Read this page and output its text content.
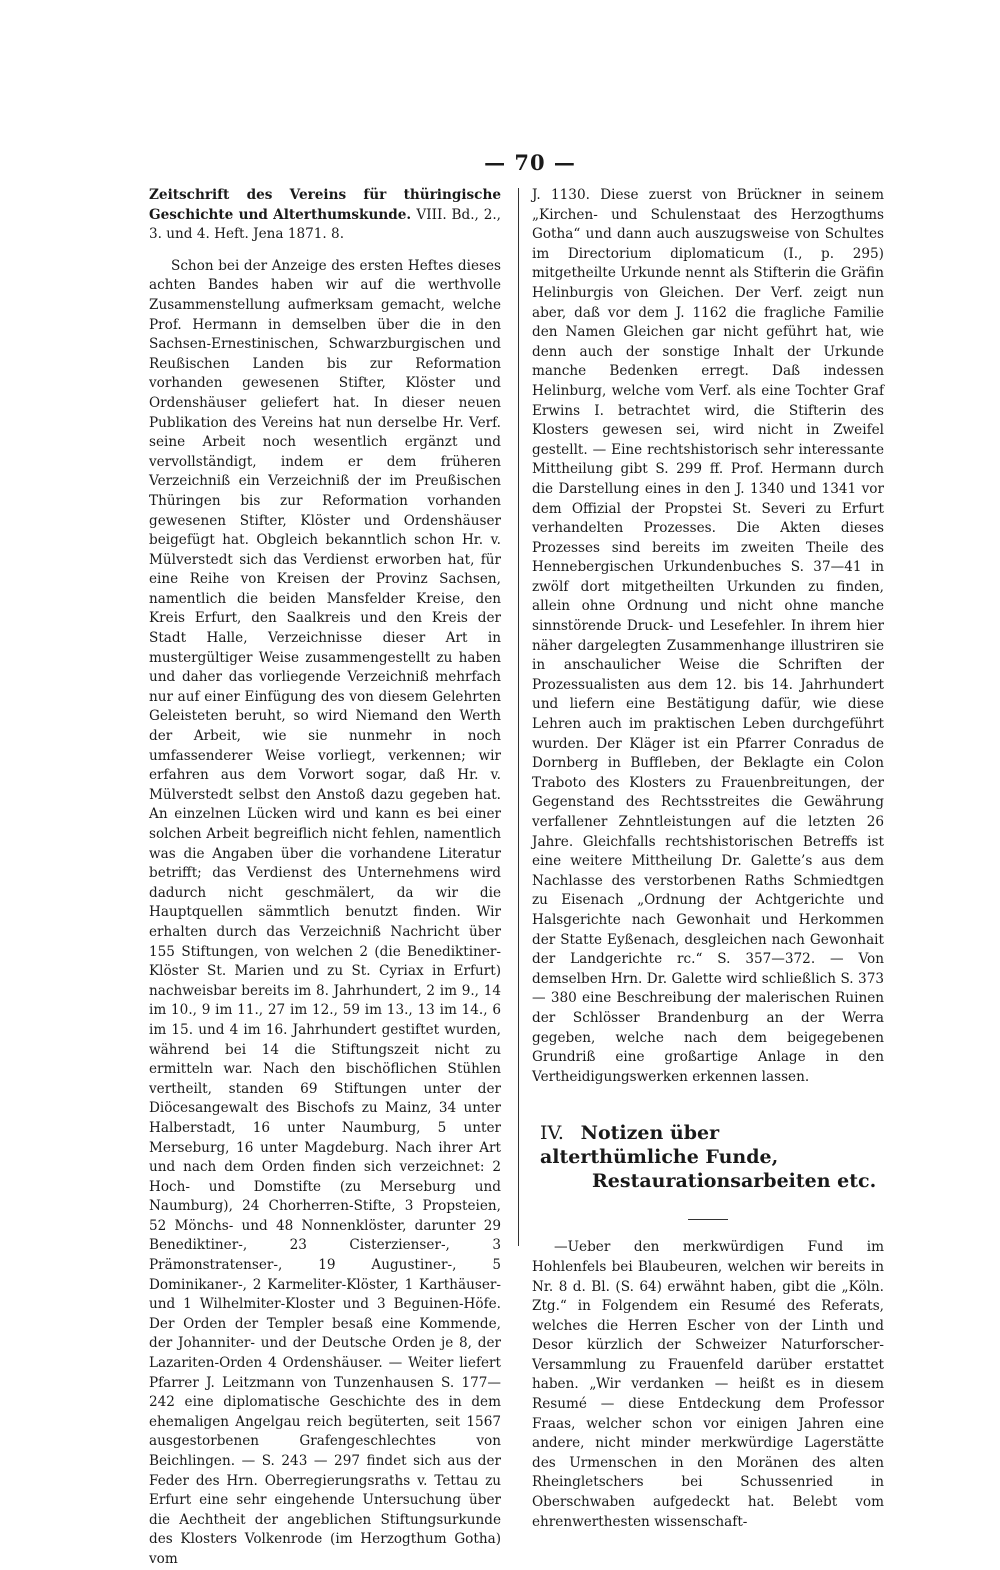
— 70 —
Zeitschrift des Vereins für thüringische Geschichte und Alterthumskunde. VIII. Bd., 2., 3. und 4. Heft. Jena 1871. 8.

Schon bei der Anzeige des ersten Heftes dieses achten Bandes haben wir auf die werthvolle Zusammenstellung aufmerksam gemacht, welche Prof. Hermann in demselben über die in den Sachsen-Ernestinischen, Schwarzburgischen und Reußischen Landen bis zur Reformation vorhanden gewesenen Stifter, Klöster und Ordenshäuser geliefert hat. In dieser neuen Publikation des Vereins hat nun derselbe Hr. Verf. seine Arbeit noch wesentlich ergänzt und vervollständigt, indem er dem früheren Verzeichniß ein Verzeichniß der im Preußischen Thüringen bis zur Reformation vorhanden gewesenen Stifter, Klöster und Ordenshäuser beigefügt hat. Obgleich bekanntlich schon Hr. v. Mülverstedt sich das Verdienst erworben hat, für eine Reihe von Kreisen der Provinz Sachsen, namentlich die beiden Mansfelder Kreise, den Kreis Erfurt, den Saalkreis und den Kreis der Stadt Halle, Verzeichnisse dieser Art in mustergültiger Weise zusammengestellt zu haben und daher das vorliegende Verzeichniß mehrfach nur auf einer Einfügung des von diesem Gelehrten Geleisteten beruht, so wird Niemand den Werth der Arbeit, wie sie nunmehr in noch umfassenderer Weise vorliegt, verkennen; wir erfahren aus dem Vorwort sogar, daß Hr. v. Mülverstedt selbst den Anstoß dazu gegeben hat. An einzelnen Lücken wird und kann es bei einer solchen Arbeit begreiflich nicht fehlen, namentlich was die Angaben über die vorhandene Literatur betrifft; das Verdienst des Unternehmens wird dadurch nicht geschmälert, da wir die Hauptquellen sämmtlich benutzt finden. Wir erhalten durch das Verzeichniß Nachricht über 155 Stiftungen, von welchen 2 (die Benediktiner-Klöster St. Marien und zu St. Cyriax in Erfurt) nachweisbar bereits im 8. Jahrhundert, 2 im 9., 14 im 10., 9 im 11., 27 im 12., 59 im 13., 13 im 14., 6 im 15. und 4 im 16. Jahrhundert gestiftet wurden, während bei 14 die Stiftungszeit nicht zu ermitteln war. Nach den bischöflichen Stühlen vertheilt, standen 69 Stiftungen unter der Diöcesangewalt des Bischofs zu Mainz, 34 unter Halberstadt, 16 unter Naumburg, 5 unter Merseburg, 16 unter Magdeburg. Nach ihrer Art und nach dem Orden finden sich verzeichnet: 2 Hoch- und Domstifte (zu Merseburg und Naumburg), 24 Chorherren-Stifte, 3 Propsteien, 52 Mönchs- und 48 Nonnenklöster, darunter 29 Benediktiner-, 23 Cisterzienser-, 3 Prämonstratenser-, 19 Augustiner-, 5 Dominikaner-, 2 Karmeliter-Klöster, 1 Karthäuser- und 1 Wilhelmiter-Kloster und 3 Beguinen-Höfe. Der Orden der Templer besaß eine Kommende, der Johanniter- und der Deutsche Orden je 8, der Lazariten-Orden 4 Ordenshäuser. — Weiter liefert Pfarrer J. Leitzmann von Tunzenhausen S. 177—242 eine diplomatische Geschichte des in dem ehemaligen Angelgau reich begüterten, seit 1567 ausgestorbenen Grafengeschlechtes von Beichlingen. — S. 243 — 297 findet sich aus der Feder des Hrn. Oberregierungsraths v. Tettau zu Erfurt eine sehr eingehende Untersuchung über die Aechtheit der angeblichen Stiftungsurkunde des Klosters Volkenrode (im Herzogthum Gotha) vom

J. 1130. Diese zuerst von Brückner in seinem „Kirchen- und Schulenstaat des Herzogthums Gotha“ und dann auch auszugsweise von Schultes im Directorium diplomaticum (I., p. 295) mitgetheilte Urkunde nennt als Stifterin die Gräfin Helinburgis von Gleichen. Der Verf. zeigt nun aber, daß vor dem J. 1162 die fragliche Familie den Namen Gleichen gar nicht geführt hat, wie denn auch der sonstige Inhalt der Urkunde manche Bedenken erregt. Daß indessen Helinburg, welche vom Verf. als eine Tochter Graf Erwins I. betrachtet wird, die Stifterin des Klosters gewesen sei, wird nicht in Zweifel gestellt. — Eine rechtshistorisch sehr interessante Mittheilung gibt S. 299 ff. Prof. Hermann durch die Darstellung eines in den J. 1340 und 1341 vor dem Offizial der Propstei St. Severi zu Erfurt verhandelten Prozesses. Die Akten dieses Prozesses sind bereits im zweiten Theile des Hennebergischen Urkundenbuches S. 37—41 in zwölf dort mitgetheilten Urkunden zu finden, allein ohne Ordnung und nicht ohne manche sinnstörende Druck- und Lesefehler. In ihrem hier näher dargelegten Zusammenhange illustriren sie in anschaulicher Weise die Schriften der Prozessualisten aus dem 12. bis 14. Jahrhundert und liefern eine Bestätigung dafür, wie diese Lehren auch im praktischen Leben durchgeführt wurden. Der Kläger ist ein Pfarrer Conradus de Dornberg in Buffleben, der Beklagte ein Colon Traboto des Klosters zu Frauenbreitungen, der Gegenstand des Rechtsstreites die Gewährung verfallener Zehntleistungen auf die letzten 26 Jahre. Gleichfalls rechtshistorischen Betreffs ist eine weitere Mittheilung Dr. Galette’s aus dem Nachlasse des verstorbenen Raths Schmiedtgen zu Eisenach „Ordnung der Achtgerichte und Halsgerichte nach Gewonhait und Herkommen der Statte Eyßenach, desgleichen nach Gewonhait der Landgerichte rc.“ S. 357—372. — Von demselben Hrn. Dr. Galette wird schließlich S. 373 — 380 eine Beschreibung der malerischen Ruinen der Schlösser Brandenburg an der Werra gegeben, welche nach dem beigegebenen Grundriß eine großartige Anlage in den Vertheidigungswerken erkennen lassen.

IV. Notizen über alterthümliche Funde,
Restaurationsarbeiten etc.

—Ueber den merkwürdigen Fund im Hohlenfels bei Blaubeuren, welchen wir bereits in Nr. 8 d. Bl. (S. 64) erwähnt haben, gibt die „Köln. Ztg.“ in Folgendem ein Resumé des Referats, welches die Herren Escher von der Linth und Desor kürzlich der Schweizer Naturforscher-Versammlung zu Frauenfeld darüber erstattet haben. „Wir verdanken — heißt es in diesem Resumé — diese Entdeckung dem Professor Fraas, welcher schon vor einigen Jahren eine andere, nicht minder merkwürdige Lagerstätte des Urmenschen in den Moränen des alten Rheingletschers bei Schussenried in Oberschwaben aufgedeckt hat. Belebt vom ehrenwerthesten wissenschaft-
